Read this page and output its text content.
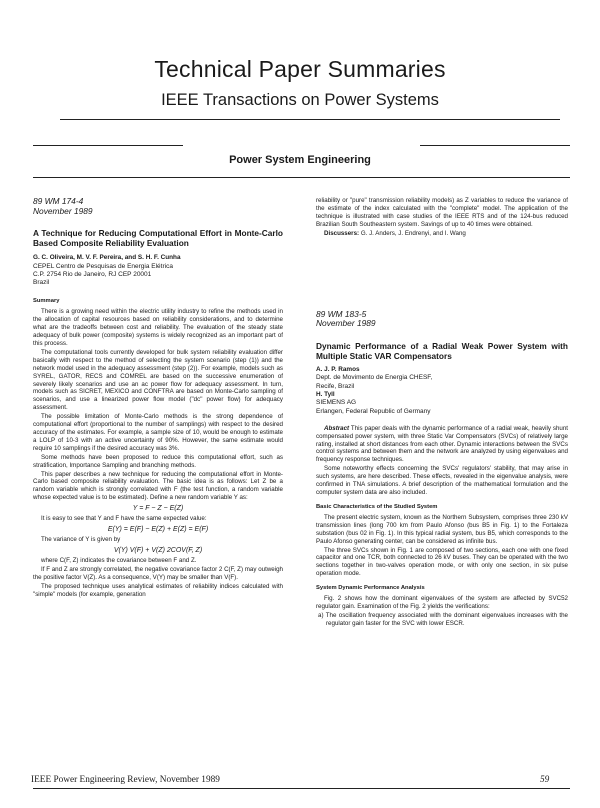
Technical Paper Summaries
IEEE Transactions on Power Systems
Power System Engineering
89 WM 174-4
November 1989
A Technique for Reducing Computational Effort in Monte-Carlo Based Composite Reliability Evaluation
G. C. Oliveira, M. V. F. Pereira, and S. H. F. Cunha
CEPEL Centro de Pesquisas de Energia Elétrica
C.P. 2754 Rio de Janeiro, RJ CEP 20001
Brazil
Summary

There is a growing need within the electric utility industry to refine the methods used in the allocation of capital resources based on reliability considerations, and to determine what are the tradeoffs between cost and reliability. The evaluation of the steady state adequacy of bulk power (composite) systems is widely recognized as an important part of this process.

The computational tools currently developed for bulk system reliability evaluation differ basically with respect to the method of selecting the system scenario (step (1)) and the network model used in the adequacy assessment (step (2)). For example, models such as SYREL, GATOR, RECS and COMREL are based on the successive enumeration of severely likely scenarios and use an ac power flow for adequacy assessment. In turn, models such as SICRET, MEXICO and CONFTRA are based on Monte-Carlo sampling of scenarios, and use a linearized power flow model ("dc" power flow) for adequacy assessment.

The possible limitation of Monte-Carlo methods is the strong dependence of computational effort (proportional to the number of samplings) with respect to the desired accuracy of the estimates. For example, a sample size of 10, would be enough to estimate a LOLP of 10-3 with an active uncertainty of 90%. However, the same estimate would require 10 samplings if the desired accuracy was 3%.

Some methods have been proposed to reduce this computational effort, such as stratification, Importance Sampling and branching methods.

This paper describes a new technique for reducing the computational effort in Monte-Carlo based composite reliability evaluation. The basic idea is as follows: Let Z be a random variable which is strongly correlated with F (the test function, a random variable whose expected value is to be estimated). Define a new random variable Y as:

Y = F − Z − E(Z)

It is easy to see that Y and F have the same expected value:

E(Y) = E(F) − E(Z) + E(Z) = E(F)

The variance of Y is given by

V(Y) V(F) + V(Z) 2COV(F, Z)

where C(F, Z) indicates the covariance between F and Z.

If F and Z are strongly correlated, the negative covariance factor 2 C(F, Z) may outweigh the positive factor V(Z). As a consequence, V(Y) may be smaller than V(F).

The proposed technique uses analytical estimates of reliability indices calculated with "simple" models (for example, generation

reliability or "pure" transmission reliability models) as Z variables to reduce the variance of the estimate of the index calculated with the "complete" model. The application of the technique is illustrated with case studies of the IEEE RTS and of the 124-bus reduced Brazilian South Southeastern system. Savings of up to 40 times were obtained.

Discussers: G. J. Anders, J. Endrenyi, and I. Wang
89 WM 183-5
November 1989
Dynamic Performance of a Radial Weak Power System with Multiple Static VAR Compensators
A. J. P. Ramos
Dept. de Movimento de Energia CHESF,
Recife, Brazil
H. Tyll
SIEMENS AG
Erlangen, Federal Republic of Germany

Abstract This paper deals with the dynamic performance of a radial weak, heavily shunt compensated power system, with three Static Var Compensators (SVCs) of relatively large rating, installed at short distances from each other. Dynamic interactions between the SVCs control systems and between them and the network are analyzed by using eigenvalues and frequency response techniques.

Some noteworthy effects concerning the SVCs' regulators' stability, that may arise in such systems, are here described. These effects, revealed in the eigenvalue analysis, were confirmed in TNA simulations. A brief description of the mathematical formulation and the computer system data are also included.

Basic Characteristics of the Studied System

The present electric system, known as the Northern Subsystem, comprises three 230 kV transmission lines (long 700 km from Paulo Afonso (bus B5 in Fig. 1) to the Fortaleza substation (bus 02 in Fig. 1). In this typical radial system, bus B5, which corresponds to the Paulo Afonso generating center, can be considered as infinite bus.

The three SVCs shown in Fig. 1 are composed of two sections, each one with one fixed capacitor and one TCR, both connected to 26 kV buses. They can be operated with the two sections together in two-valves operation mode, or with only one section, in six pulse operation mode.

System Dynamic Performance Analysis

Fig. 2 shows how the dominant eigenvalues of the system are affected by SVC52 regulator gain. Examination of the Fig. 2 yields the verifications:

a) The oscillation frequency associated with the dominant eigenvalues increases with the regulator gain faster for the SVC with lower ESCR.

IEEE Power Engineering Review, November 1989	59
